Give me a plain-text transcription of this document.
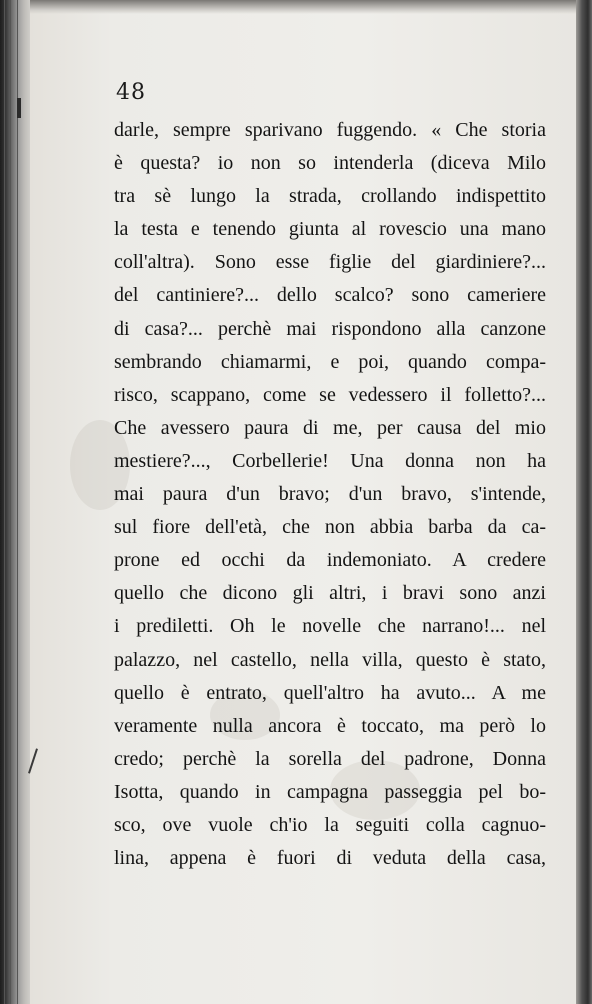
48
darle, sempre sparivano fuggendo. « Che storia
è questa? io non so intenderla (diceva Milo
tra sè lungo la strada, crollando indispettito
la testa e tenendo giunta al rovescio una mano
coll'altra). Sono esse figlie del giardiniere?...
del cantiniere?... dello scalco? sono cameriere
di casa?... perchè mai rispondono alla canzone
sembrando chiamarmi, e poi, quando compa-
risco, scappano, come se vedessero il folletto?...
Che avessero paura di me, per causa del mio
mestiere?..., Corbellerie! Una donna non ha
mai paura d'un bravo; d'un bravo, s'intende,
sul fiore dell'età, che non abbia barba da ca-
prone ed occhi da indemoniato. A credere
quello che dicono gli altri, i bravi sono anzi
i prediletti. Oh le novelle che narrano!... nel
palazzo, nel castello, nella villa, questo è stato,
quello è entrato, quell'altro ha avuto... A me
veramente nulla ancora è toccato, ma però lo
credo; perchè la sorella del padrone, Donna
Isotta, quando in campagna passeggia pel bo-
sco, ove vuole ch'io la seguiti colla cagnuo-
lina, appena è fuori di veduta della casa,
